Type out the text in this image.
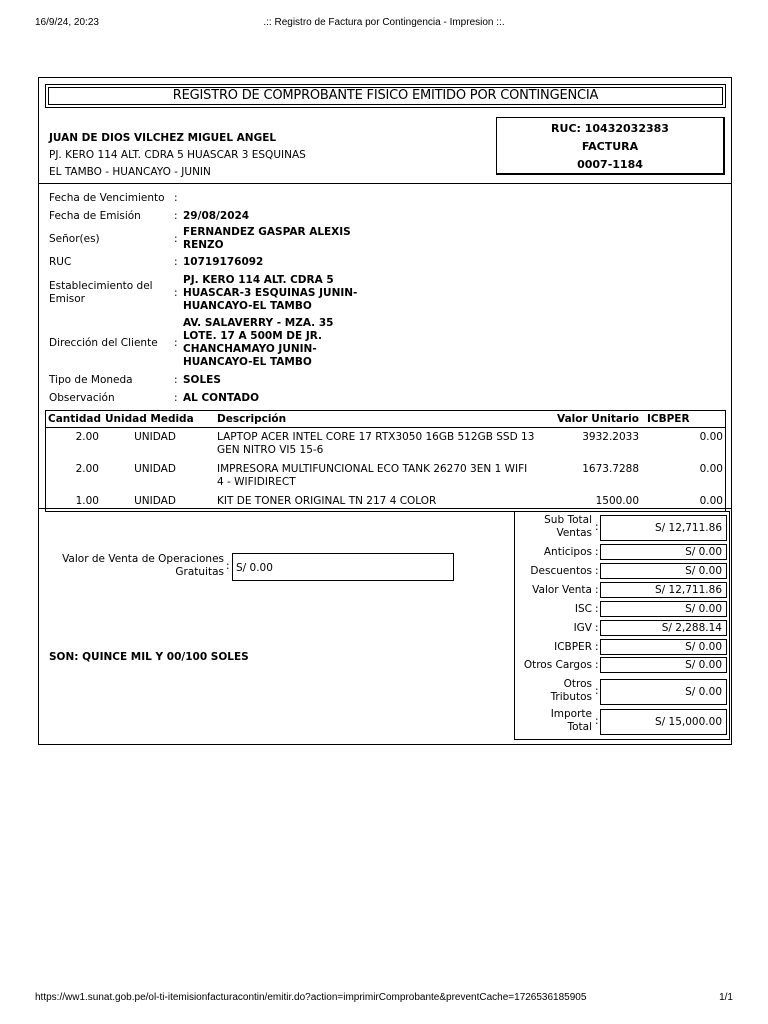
16/9/24, 20:23	.:: Registro de Factura por Contingencia - Impresion ::.
REGISTRO DE COMPROBANTE FISICO EMITIDO POR CONTINGENCIA
JUAN DE DIOS VILCHEZ MIGUEL ANGEL
PJ. KERO 114 ALT. CDRA 5 HUASCAR 3 ESQUINAS
EL TAMBO - HUANCAYO - JUNIN
RUC: 10432032383
FACTURA
0007-1184
Fecha de Vencimiento :
Fecha de Emisión	: 29/08/2024
Señor(es)	:
FERNANDEZ GASPAR ALEXIS
RENZO
RUC	: 10719176092
Establecimiento del
Emisor	:
PJ. KERO 114 ALT. CDRA 5
HUASCAR-3 ESQUINAS JUNIN-
HUANCAYO-EL TAMBO
Dirección del Cliente	:
AV. SALAVERRY - MZA. 35
LOTE. 17 A 500M DE JR.
CHANCHAMAYO JUNIN-
HUANCAYO-EL TAMBO
Tipo de Moneda	: SOLES
Observación	: AL CONTADO
Cantidad Unidad Medida	Descripción	Valor Unitario ICBPER
2.00	UNIDAD	LAPTOP ACER INTEL CORE 17 RTX3050 16GB 512GB SSD 13
GEN NITRO VI5 15-6
3932.2033	0.00
2.00	UNIDAD	IMPRESORA MULTIFUNCIONAL ECO TANK 26270 3EN 1 WIFI
4 - WIFIDIRECT
1673.7288	0.00
1.00	UNIDAD	KIT DE TONER ORIGINAL TN 217 4 COLOR	1500.00	0.00
Valor de Venta de Operaciones
Gratuitas : S/ 0.00
SON: QUINCE MIL Y 00/100 SOLES
Sub Total
Ventas :	S/ 12,711.86
Anticipos :	S/ 0.00
Descuentos :	S/ 0.00
Valor Venta :	S/ 12,711.86
ISC :	S/ 0.00
IGV :	S/ 2,288.14
ICBPER :	S/ 0.00
Otros Cargos :	S/ 0.00
Otros
Tributos :	S/ 0.00
Importe
Total :	S/ 15,000.00
https://ww1.sunat.gob.pe/ol-ti-itemisionfacturacontin/emitir.do?action=imprimirComprobante&preventCache=1726536185905	1/1
